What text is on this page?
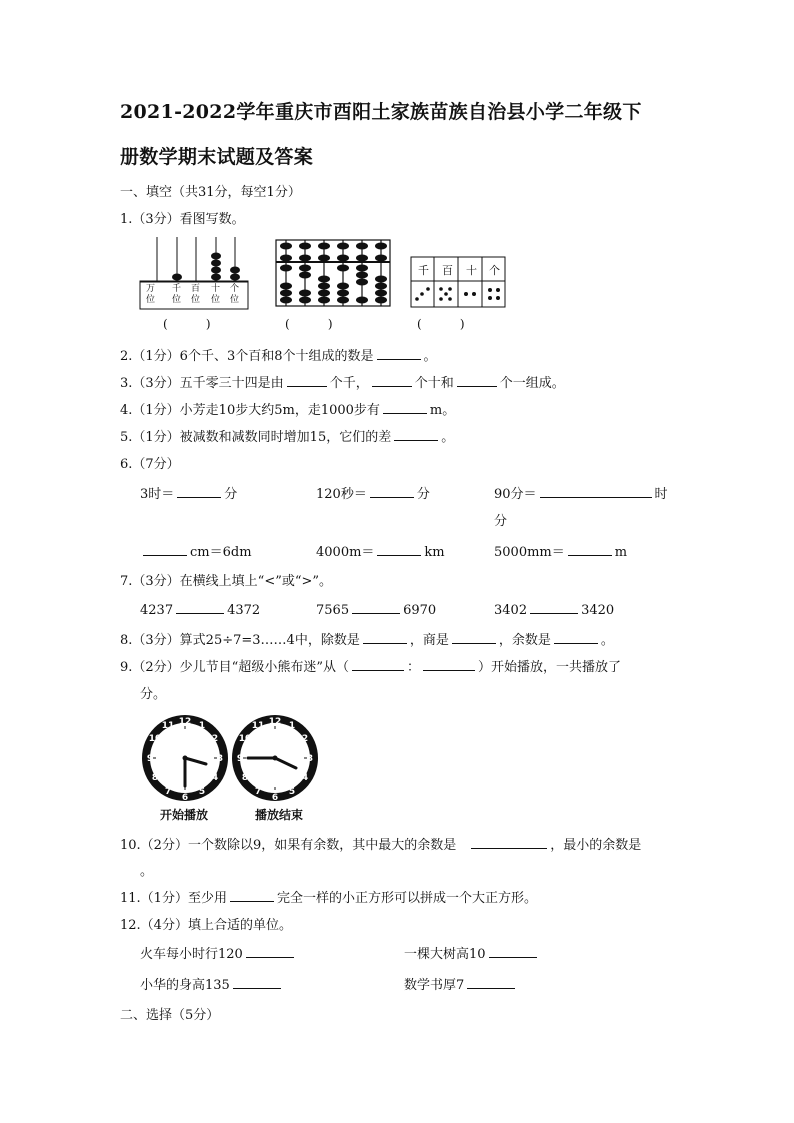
2021-2022学年重庆市酉阳土家族苗族自治县小学二年级下
册数学期末试题及答案
一、填空（共31分，每空1分）
1.（3分）看图写数。
万
位
千
位
百
位
十
位
个
位
千 百 十 个
(          )	(          )	(          )
2.（1分）6个千、3个百和8个十组成的数是	。
3.（3分）五千零三十四是由	个千，	个十和	个一组成。
4.（1分）小芳走10步大约5m，走1000步有	m。
5.（1分）被减数和减数同时增加15，它们的差	。
6.（7分）
3时＝	分	120秒＝	分	90分＝	时
分
cm＝6dm	4000m＝	km	5000mm＝	m
7.（3分）在横线上填上“<”或“>”。
4237	4372	7565	6970	3402	3420
8.（3分）算式25÷7=3……4中，除数是	，商是	，余数是	。
9.（2分）少儿节目“超级小熊布迷”从（	：	）开始播放，一共播放了
分。
12 1
2
3
4
5
6
7
8
9
10
11	12 1
2
3
4
5
6
7
8
9
10
11
开始播放	播放结束
10.（2分）一个数除以9，如果有余数，其中最大的余数是	，最小的余数是
。
11.（1分）至少用	完全一样的小正方形可以拼成一个大正方形。
12.（4分）填上合适的单位。
火车每小时行120	一棵大树高10
小华的身高135	数学书厚7
二、选择（5分）
